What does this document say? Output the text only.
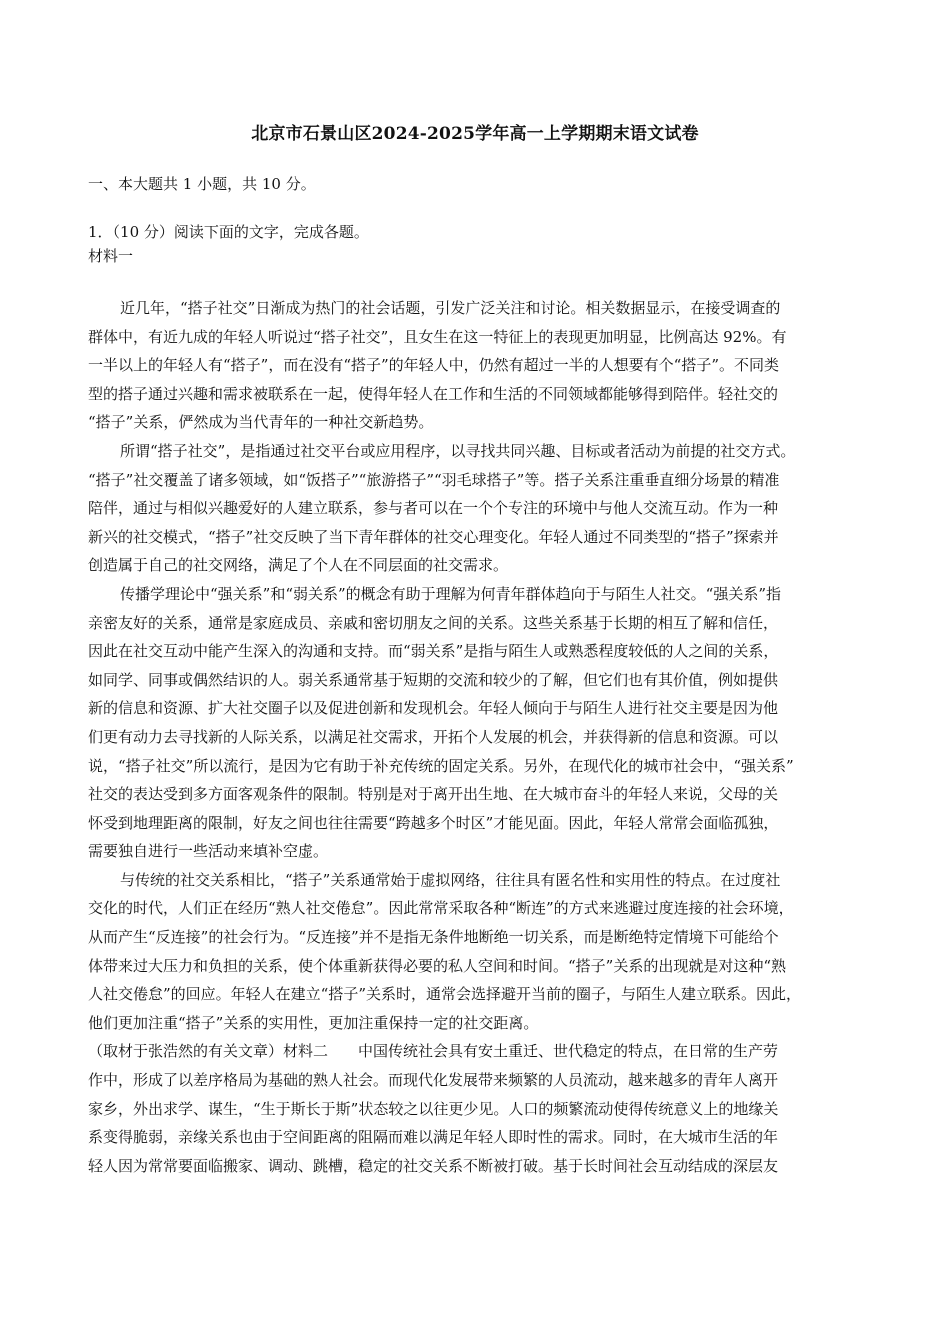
北京市石景山区2024-2025学年高一上学期期末语文试卷
一、本大题共 1 小题，共 10 分。
1．（10 分）阅读下面的文字，完成各题。
材料一
近几年，“搭子社交”日渐成为热门的社会话题，引发广泛关注和讨论。相关数据显示，在接受调查的
群体中，有近九成的年轻人听说过“搭子社交”，且女生在这一特征上的表现更加明显，比例高达 92%。有
一半以上的年轻人有“搭子”，而在没有“搭子”的年轻人中，仍然有超过一半的人想要有个“搭子”。不同类
型的搭子通过兴趣和需求被联系在一起，使得年轻人在工作和生活的不同领域都能够得到陪伴。轻社交的
“搭子”关系，俨然成为当代青年的一种社交新趋势。
所谓“搭子社交”，是指通过社交平台或应用程序，以寻找共同兴趣、目标或者活动为前提的社交方式。
“搭子”社交覆盖了诸多领域，如“饭搭子”“旅游搭子”“羽毛球搭子”等。搭子关系注重垂直细分场景的精准
陪伴，通过与相似兴趣爱好的人建立联系，参与者可以在一个个专注的环境中与他人交流互动。作为一种
新兴的社交模式，“搭子”社交反映了当下青年群体的社交心理变化。年轻人通过不同类型的“搭子”探索并
创造属于自己的社交网络，满足了个人在不同层面的社交需求。
传播学理论中“强关系”和“弱关系”的概念有助于理解为何青年群体趋向于与陌生人社交。“强关系”指
亲密友好的关系，通常是家庭成员、亲戚和密切朋友之间的关系。这些关系基于长期的相互了解和信任，
因此在社交互动中能产生深入的沟通和支持。而“弱关系”是指与陌生人或熟悉程度较低的人之间的关系，
如同学、同事或偶然结识的人。弱关系通常基于短期的交流和较少的了解，但它们也有其价值，例如提供
新的信息和资源、扩大社交圈子以及促进创新和发现机会。年轻人倾向于与陌生人进行社交主要是因为他
们更有动力去寻找新的人际关系，以满足社交需求，开拓个人发展的机会，并获得新的信息和资源。可以
说，“搭子社交”所以流行，是因为它有助于补充传统的固定关系。另外，在现代化的城市社会中，“强关系”
社交的表达受到多方面客观条件的限制。特别是对于离开出生地、在大城市奋斗的年轻人来说，父母的关
怀受到地理距离的限制，好友之间也往往需要“跨越多个时区”才能见面。因此，年轻人常常会面临孤独，
需要独自进行一些活动来填补空虚。
与传统的社交关系相比，“搭子”关系通常始于虚拟网络，往往具有匿名性和实用性的特点。在过度社
交化的时代，人们正在经历“熟人社交倦怠”。因此常常采取各种“断连”的方式来逃避过度连接的社会环境，
从而产生“反连接”的社会行为。“反连接”并不是指无条件地断绝一切关系，而是断绝特定情境下可能给个
体带来过大压力和负担的关系，使个体重新获得必要的私人空间和时间。“搭子”关系的出现就是对这种“熟
人社交倦怠”的回应。年轻人在建立“搭子”关系时，通常会选择避开当前的圈子，与陌生人建立联系。因此，
他们更加注重“搭子”关系的实用性，更加注重保持一定的社交距离。
（取材于张浩然的有关文章）材料二　　中国传统社会具有安土重迁、世代稳定的特点，在日常的生产劳
作中，形成了以差序格局为基础的熟人社会。而现代化发展带来频繁的人员流动，越来越多的青年人离开
家乡，外出求学、谋生，“生于斯长于斯”状态较之以往更少见。人口的频繁流动使得传统意义上的地缘关
系变得脆弱，亲缘关系也由于空间距离的阻隔而难以满足年轻人即时性的需求。同时，在大城市生活的年
轻人因为常常要面临搬家、调动、跳槽，稳定的社交关系不断被打破。基于长时间社会互动结成的深层友
